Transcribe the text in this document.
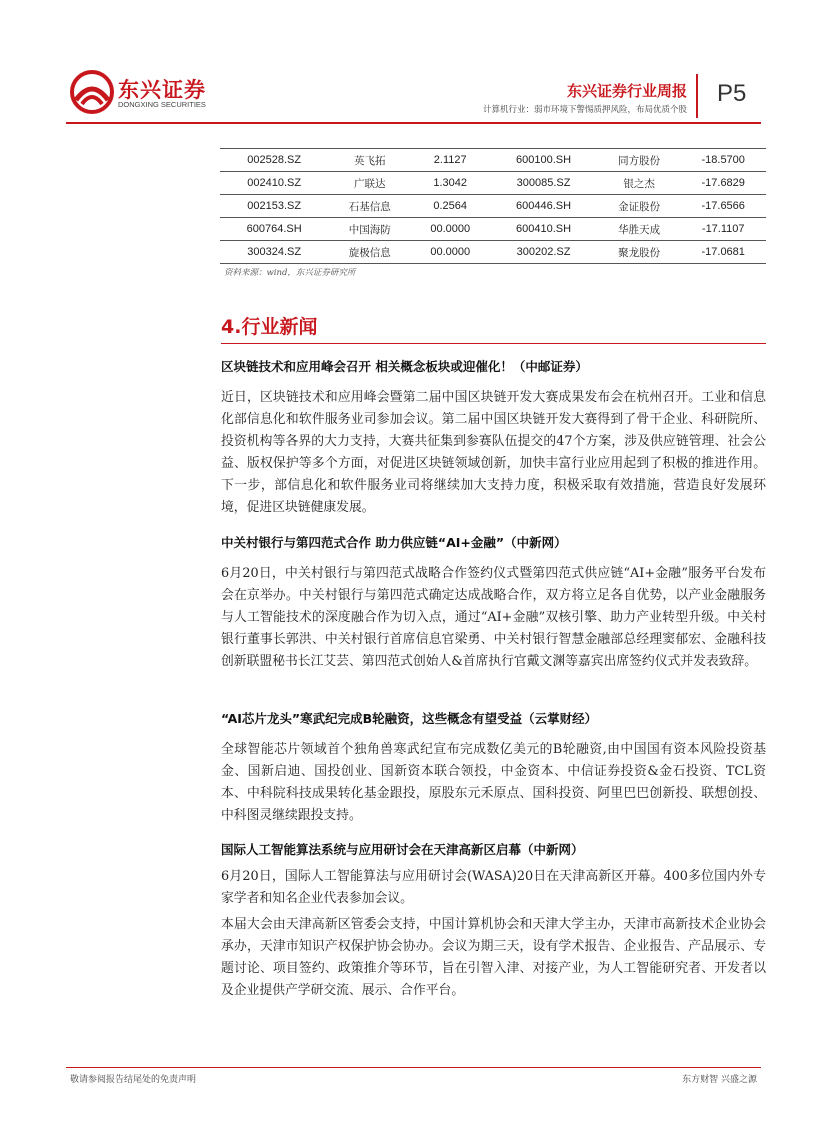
东兴证券
DONGXING SECURITIES
东兴证券行业周报
计算机行业：弱市环境下警惕质押风险，布局优质个股
P5
002528.SZ	英飞拓	2.1127	600100.SH	同方股份	-18.5700
002410.SZ	广联达	1.3042	300085.SZ	银之杰	-17.6829
002153.SZ	石基信息	0.2564	600446.SH	金证股份	-17.6566
600764.SH	中国海防	00.0000	600410.SH	华胜天成	-17.1107
300324.SZ	旋极信息	00.0000	300202.SZ	聚龙股份	-17.0681
资料来源：wind，东兴证券研究所
4.行业新闻
区块链技术和应用峰会召开 相关概念板块或迎催化！（中邮证券）

近日，区块链技术和应用峰会暨第二届中国区块链开发大赛成果发布会在杭州召开。工业和信息化部信息化和软件服务业司参加会议。第二届中国区块链开发大赛得到了骨干企业、科研院所、投资机构等各界的大力支持，大赛共征集到参赛队伍提交的47个方案，涉及供应链管理、社会公益、版权保护等多个方面，对促进区块链领域创新，加快丰富行业应用起到了积极的推进作用。下一步，部信息化和软件服务业司将继续加大支持力度，积极采取有效措施，营造良好发展环境，促进区块链健康发展。

中关村银行与第四范式合作 助力供应链“AI+金融”（中新网）

6月20日，中关村银行与第四范式战略合作签约仪式暨第四范式供应链“AI+金融”服务平台发布会在京举办。中关村银行与第四范式确定达成战略合作，双方将立足各自优势，以产业金融服务与人工智能技术的深度融合作为切入点，通过“AI+金融”双核引擎、助力产业转型升级。中关村银行董事长郭洪、中关村银行首席信息官梁勇、中关村银行智慧金融部总经理窦郁宏、金融科技创新联盟秘书长江艾芸、第四范式创始人&首席执行官戴文渊等嘉宾出席签约仪式并发表致辞。

“AI芯片龙头”寒武纪完成B轮融资，这些概念有望受益（云掌财经）

全球智能芯片领域首个独角兽寒武纪宣布完成数亿美元的B轮融资,由中国国有资本风险投资基金、国新启迪、国投创业、国新资本联合领投，中金资本、中信证券投资&金石投资、TCL资本、中科院科技成果转化基金跟投，原股东元禾原点、国科投资、阿里巴巴创新投、联想创投、中科图灵继续跟投支持。

国际人工智能算法系统与应用研讨会在天津高新区启幕（中新网）

6月20日，国际人工智能算法与应用研讨会(WASA)20日在天津高新区开幕。400多位国内外专家学者和知名企业代表参加会议。

本届大会由天津高新区管委会支持，中国计算机协会和天津大学主办，天津市高新技术企业协会承办，天津市知识产权保护协会协办。会议为期三天，设有学术报告、企业报告、产品展示、专题讨论、项目签约、政策推介等环节，旨在引智入津、对接产业，为人工智能研究者、开发者以及企业提供产学研交流、展示、合作平台。

敬请参阅报告结尾处的免责声明	东方财智 兴盛之源
